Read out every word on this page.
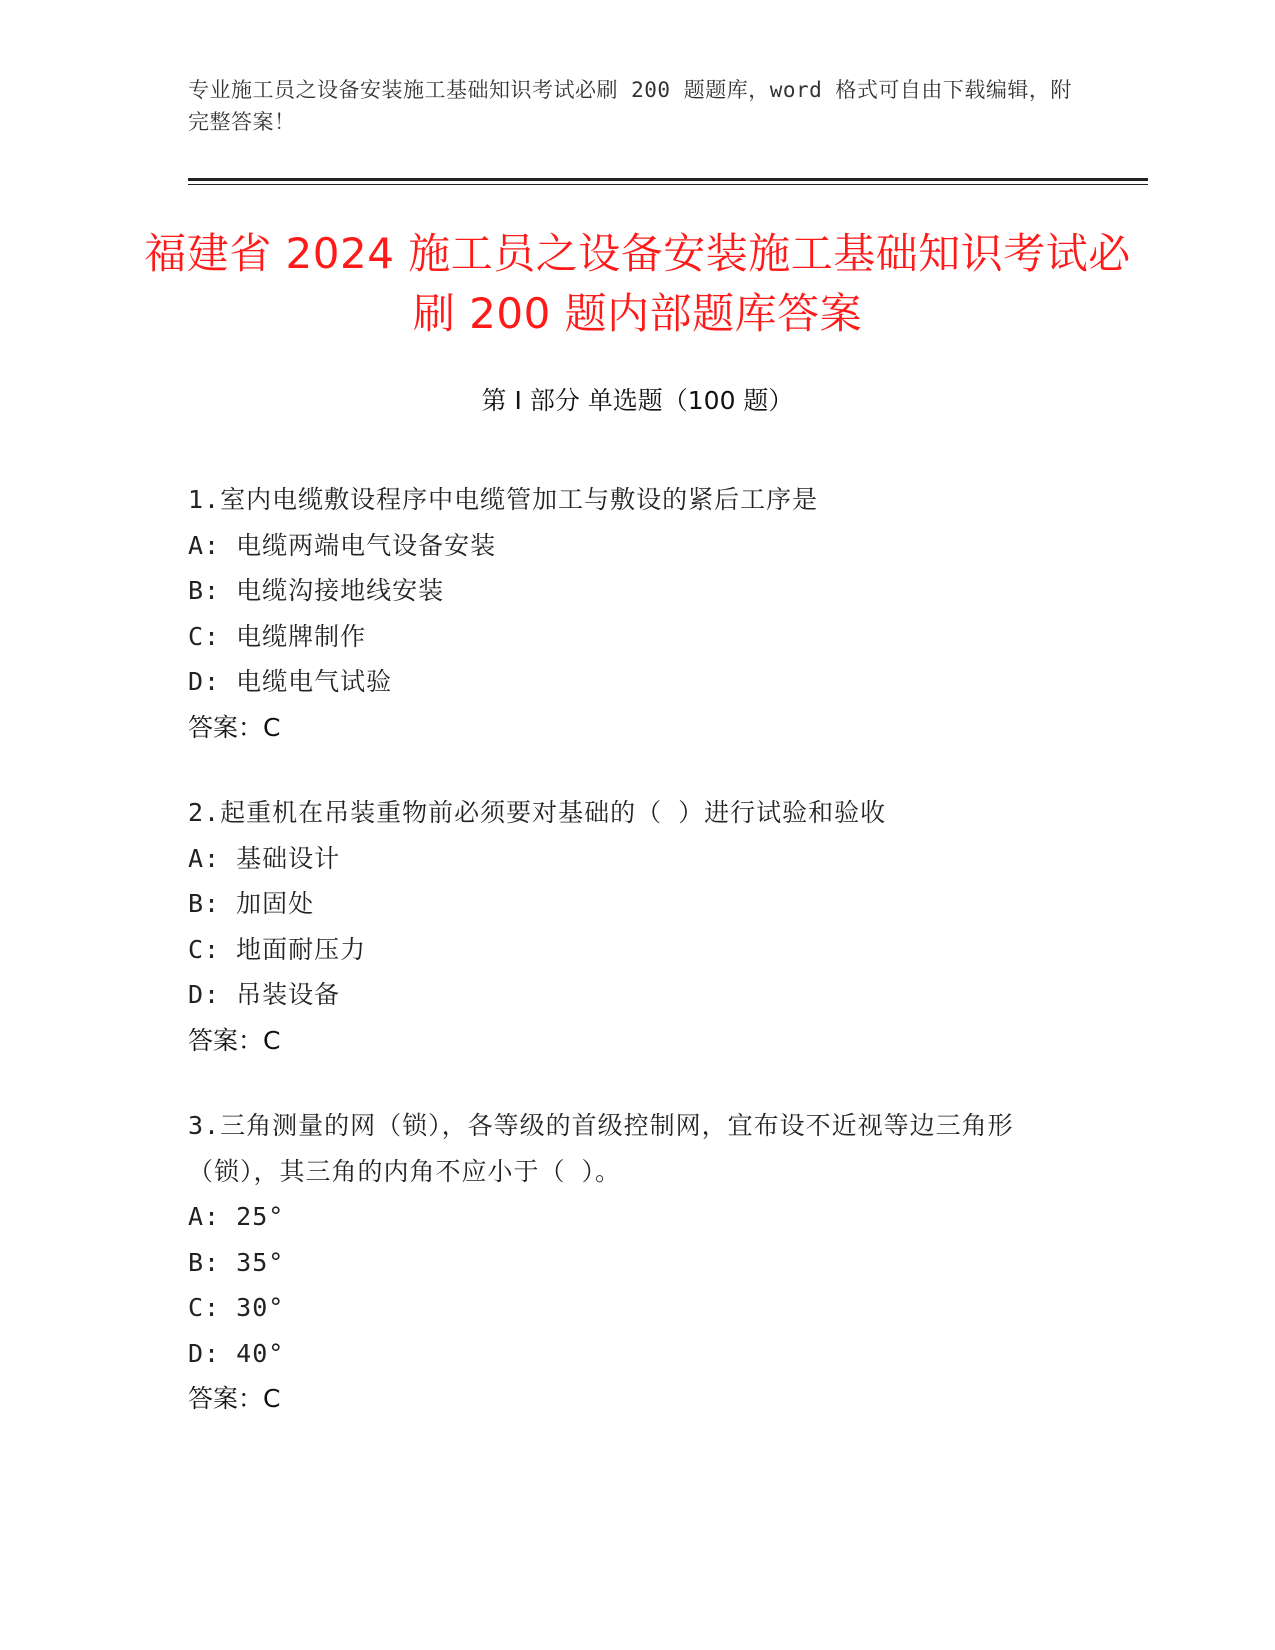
专业施工员之设备安装施工基础知识考试必刷 200 题题库，word 格式可自由下载编辑，附完整答案！
福建省 2024 施工员之设备安装施工基础知识考试必刷 200 题内部题库答案
第 I 部分 单选题（100 题）
1.室内电缆敷设程序中电缆管加工与敷设的紧后工序是
A: 电缆两端电气设备安装
B: 电缆沟接地线安装
C: 电缆牌制作
D: 电缆电气试验
答案：C
2.起重机在吊装重物前必须要对基础的（ ）进行试验和验收
A: 基础设计
B: 加固处
C: 地面耐压力
D: 吊装设备
答案：C
3.三角测量的网（锁），各等级的首级控制网，宜布设不近视等边三角形（锁），其三角的内角不应小于（ ）。
A: 25°
B: 35°
C: 30°
D: 40°
答案：C
